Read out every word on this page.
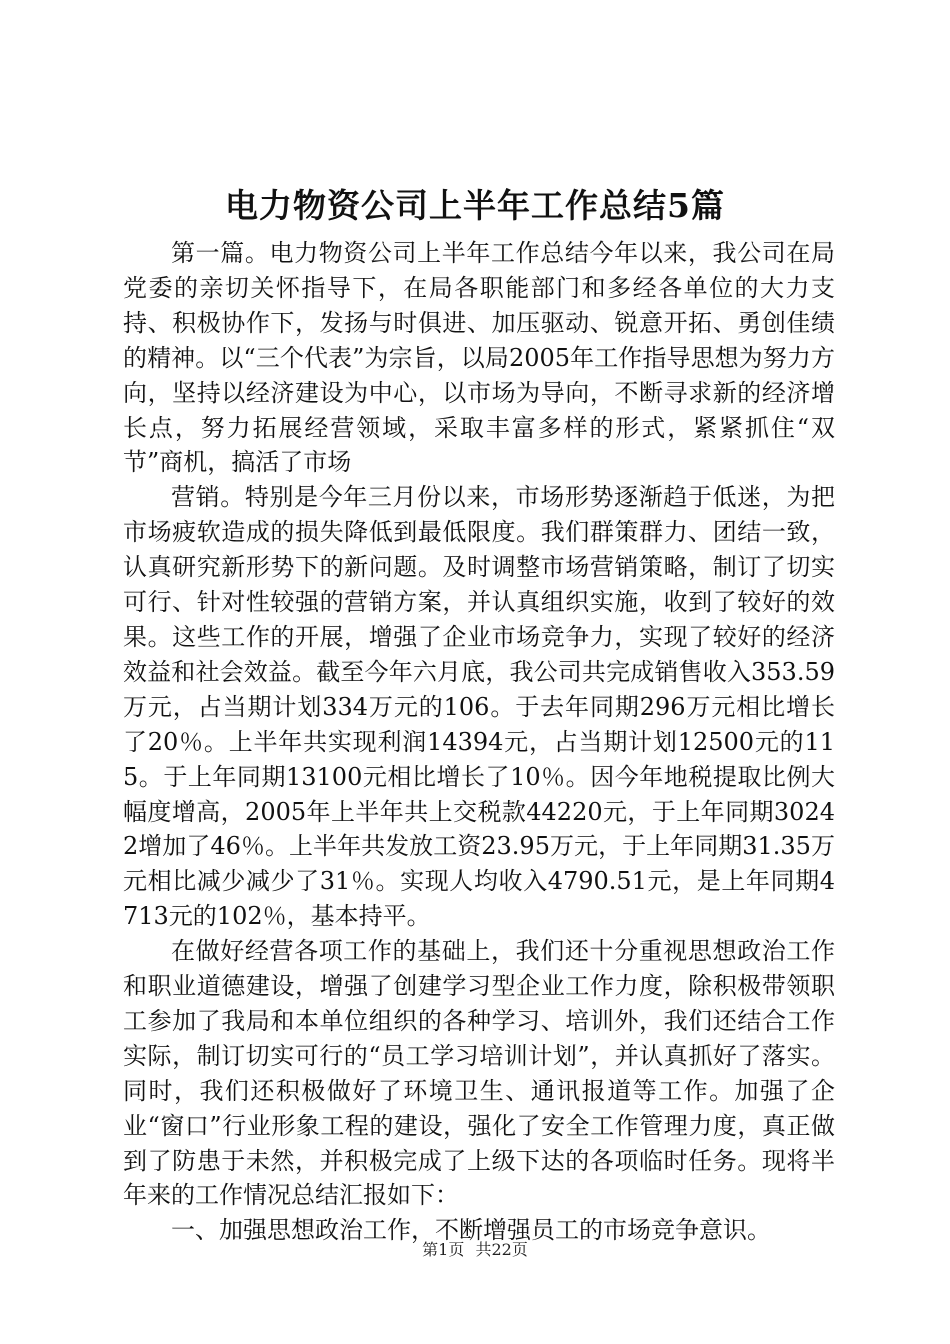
电力物资公司上半年工作总结5篇

第一篇。电力物资公司上半年工作总结今年以来，我公司在局党委的亲切关怀指导下，在局各职能部门和多经各单位的大力支持、积极协作下，发扬与时俱进、加压驱动、锐意开拓、勇创佳绩的精神。以“三个代表”为宗旨，以局2005年工作指导思想为努力方向，坚持以经济建设为中心，以市场为导向，不断寻求新的经济增长点，努力拓展经营领域，采取丰富多样的形式，紧紧抓住“双节”商机，搞活了市场

营销。特别是今年三月份以来，市场形势逐渐趋于低迷，为把市场疲软造成的损失降低到最低限度。我们群策群力、团结一致，认真研究新形势下的新问题。及时调整市场营销策略，制订了切实可行、针对性较强的营销方案，并认真组织实施，收到了较好的效果。这些工作的开展，增强了企业市场竞争力，实现了较好的经济效益和社会效益。截至今年六月底，我公司共完成销售收入353.59万元，占当期计划334万元的106。于去年同期296万元相比增长了20％。上半年共实现利润14394元，占当期计划12500元的115。于上年同期13100元相比增长了10％。因今年地税提取比例大幅度增高，2005年上半年共上交税款44220元，于上年同期30242增加了46％。上半年共发放工资23.95万元，于上年同期31.35万元相比减少减少了31％。实现人均收入4790.51元，是上年同期4713元的102％，基本持平。

在做好经营各项工作的基础上，我们还十分重视思想政治工作和职业道德建设，增强了创建学习型企业工作力度，除积极带领职工参加了我局和本单位组织的各种学习、培训外，我们还结合工作实际，制订切实可行的“员工学习培训计划”，并认真抓好了落实。同时，我们还积极做好了环境卫生、通讯报道等工作。加强了企业“窗口”行业形象工程的建设，强化了安全工作管理力度，真正做到了防患于未然，并积极完成了上级下达的各项临时任务。现将半年来的工作情况总结汇报如下：

一、加强思想政治工作，不断增强员工的市场竞争意识。

第1页 共22页
